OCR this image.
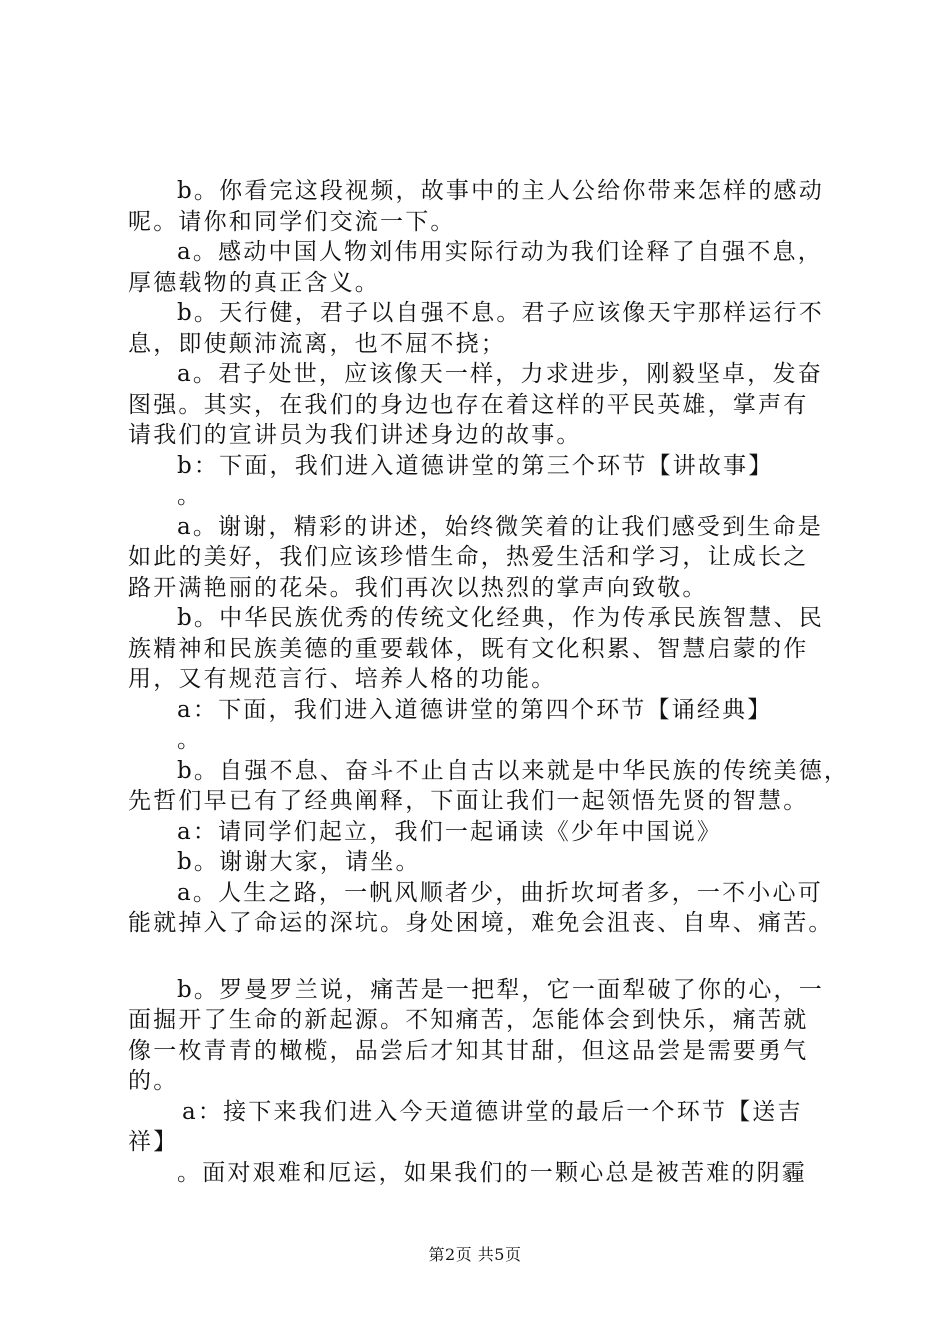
b。你看完这段视频，故事中的主人公给你带来怎样的感动
呢。请你和同学们交流一下。
a。感动中国人物刘伟用实际行动为我们诠释了自强不息，
厚德载物的真正含义。
b。天行健，君子以自强不息。君子应该像天宇那样运行不
息，即使颠沛流离，也不屈不挠；
a。君子处世，应该像天一样，力求进步，刚毅坚卓，发奋
图强。其实，在我们的身边也存在着这样的平民英雄，掌声有
请我们的宣讲员为我们讲述身边的故事。
b：下面，我们进入道德讲堂的第三个环节【讲故事】
。
a。谢谢，精彩的讲述，始终微笑着的让我们感受到生命是
如此的美好，我们应该珍惜生命，热爱生活和学习，让成长之
路开满艳丽的花朵。我们再次以热烈的掌声向致敬。
b。中华民族优秀的传统文化经典，作为传承民族智慧、民
族精神和民族美德的重要载体，既有文化积累、智慧启蒙的作
用，又有规范言行、培养人格的功能。
a：下面，我们进入道德讲堂的第四个环节【诵经典】
。
b。自强不息、奋斗不止自古以来就是中华民族的传统美德，
先哲们早已有了经典阐释，下面让我们一起领悟先贤的智慧。
a：请同学们起立，我们一起诵读《少年中国说》
b。谢谢大家，请坐。
a。人生之路，一帆风顺者少，曲折坎坷者多，一不小心可
能就掉入了命运的深坑。身处困境，难免会沮丧、自卑、痛苦。
b。罗曼罗兰说，痛苦是一把犁，它一面犁破了你的心，一
面掘开了生命的新起源。不知痛苦，怎能体会到快乐，痛苦就
像一枚青青的橄榄，品尝后才知其甘甜，但这品尝是需要勇气
的。
a：接下来我们进入今天道德讲堂的最后一个环节【送吉
祥】
。面对艰难和厄运，如果我们的一颗心总是被苦难的阴霾
第2页 共5页
